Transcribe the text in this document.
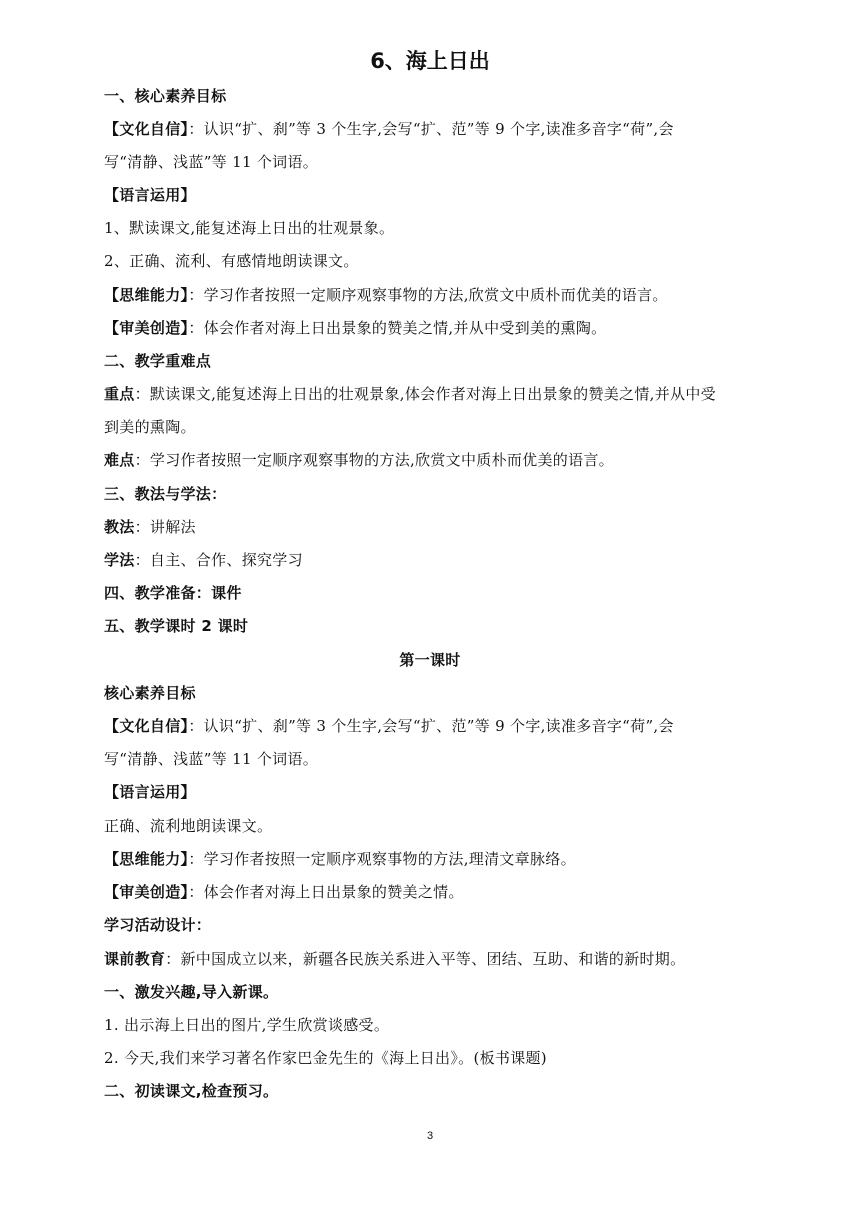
6、海上日出
一、核心素养目标
【文化自信】：认识“扩、刹”等 3 个生字,会写“扩、范”等 9 个字,读准多音字“荷”,会
写“清静、浅蓝”等 11 个词语。
【语言运用】
1、默读课文,能复述海上日出的壮观景象。
2、正确、流利、有感情地朗读课文。
【思维能力】：学习作者按照一定顺序观察事物的方法,欣赏文中质朴而优美的语言。
【审美创造】：体会作者对海上日出景象的赞美之情,并从中受到美的熏陶。
二、教学重难点
重点：默读课文,能复述海上日出的壮观景象,体会作者对海上日出景象的赞美之情,并从中受
到美的熏陶。
难点：学习作者按照一定顺序观察事物的方法,欣赏文中质朴而优美的语言。
三、教法与学法：
教法：讲解法
学法：自主、合作、探究学习
四、教学准备：课件
五、教学课时 2 课时
第一课时
核心素养目标
【文化自信】：认识“扩、刹”等 3 个生字,会写“扩、范”等 9 个字,读准多音字“荷”,会
写“清静、浅蓝”等 11 个词语。
【语言运用】
正确、流利地朗读课文。
【思维能力】：学习作者按照一定顺序观察事物的方法,理清文章脉络。
【审美创造】：体会作者对海上日出景象的赞美之情。
学习活动设计：
课前教育：新中国成立以来，新疆各民族关系进入平等、团结、互助、和谐的新时期。
一、激发兴趣,导入新课。
1. 出示海上日出的图片,学生欣赏谈感受。
2. 今天,我们来学习著名作家巴金先生的《海上日出》。(板书课题)
二、初读课文,检查预习。
3
